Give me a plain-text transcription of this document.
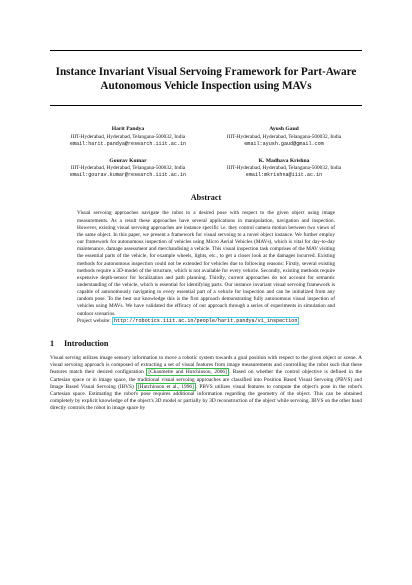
Instance Invariant Visual Servoing Framework for Part-Aware
Autonomous Vehicle Inspection using MAVs
Harit Pandya
IIIT-Hyderabad, Hyderabad, Telangana-500032, India
email:harit.pandya@research.iiit.ac.in
Ayush Gaud
IIIT-Hyderabad, Hyderabad, Telangana-500032, India
email:ayush.gaud@gmail.com
Gourav Kumar
IIIT-Hyderabad, Hyderabad, Telangana-500032, India
email:gourav.kumar@research.iiit.ac.in
K. Madhava Krishna
IIIT-Hyderabad, Hyderabad, Telangana-500032, India
email:mkrishna@iiit.ac.in
Abstract
Visual servoing approaches navigate the robot to a desired pose with respect to the given object using image measurements. As a result these approaches have several applications in manipulation, navigation and inspection. However, existing visual servoing approaches are instance specific i.e. they control camera motion between two views of the same object. In this paper, we present a framework for visual servoing to a novel object instance. We further employ our framework for autonomous inspection of vehicles using Micro Aerial Vehicles (MAVs), which is vital for day-to-day maintenance, damage assessment and merchandising a vehicle. This visual inspection task comprises of the MAV visiting the essential parts of the vehicle, for example wheels, lights, etc., to get a closer look at the damages incurred. Existing methods for autonomous inspection could not be extended for vehicles due to following reasons: Firstly, several existing methods require a 3D-model of the structure, which is not available for every vehicle. Secondly, existing methods require expensive depth-sensor for localization and path planning. Thirdly, current approaches do not account for semantic understanding of the vehicle, which is essential for identifying parts. Our instance invariant visual servoing framework is capable of autonomously navigating to every essential part of a vehicle for inspection and can be initialized from any random pose. To the best our knowledge this is the first approach demonstrating fully autonomous visual inspection of vehicles using MAVs. We have validated the efficacy of our approach through a series of experiments in simulation and outdoor scenarios.
Project website: http://robotics.iiit.ac.in/people/harit.pandya/vi_inspection
1 Introduction
Visual serving utilizes image sensory information to move a robotic system towards a goal position with respect to the given object or scene. A visual servoing approach is composed of extracting a set of visual features from image measurements and controlling the robot such that these features match their desired configuration [Chaumette and Hutchinson, 2006] . Based on whether the control objective is defined in the Cartesian space or in image space, the traditional visual servoing approaches are classified into Position Based Visual Servoing (PBVS) and Image Based Visual Servoing (IBVS) [Hutchinson et al., 1996] . PBVS utilizes visual features to compute the object's pose in the robot's Cartesian space. Estimating the robot's pose requires additional information regarding the geometry of the object. This can be obtained completely by explicit knowledge of the object's 3D model or partially by 3D reconstruction of the object while servoing. IBVS on the other hand directly controls the robot in image space by
